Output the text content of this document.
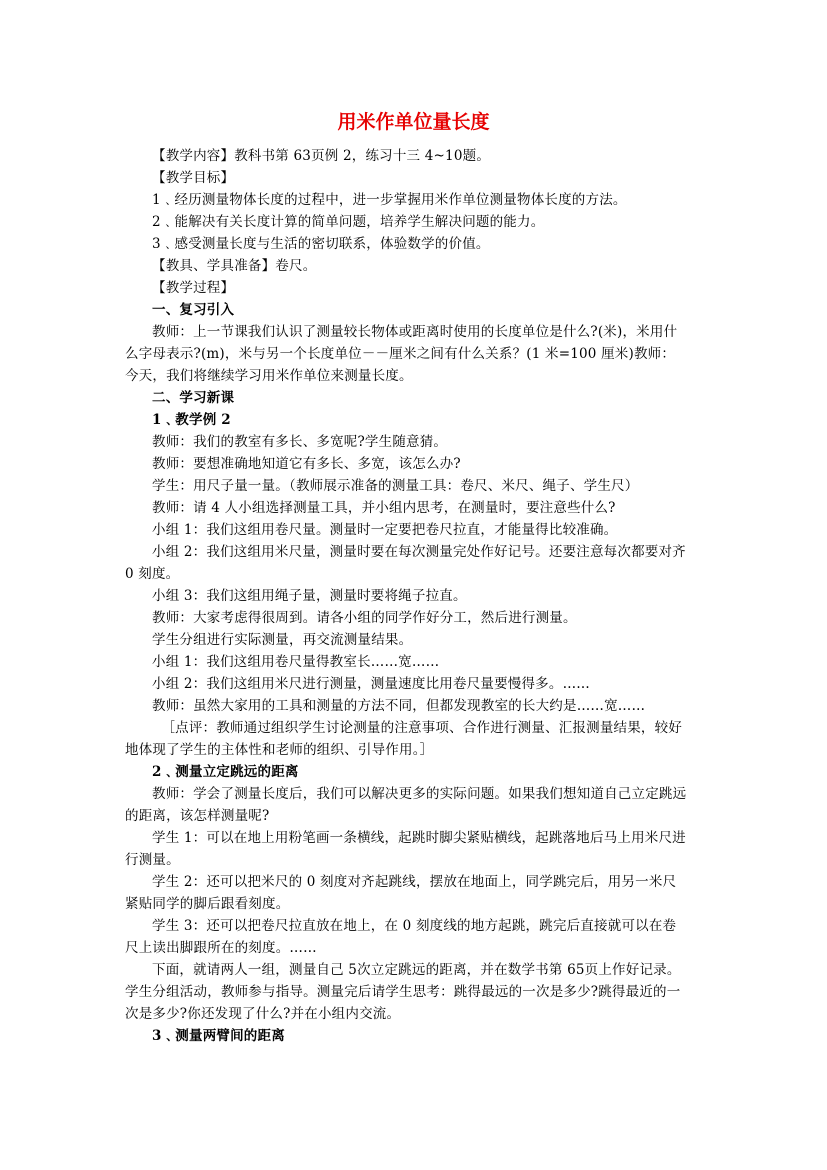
用米作单位量长度

【教学内容】教科书第 63页例 2，练习十三 4~10题。

【教学目标】

1﹑经历测量物体长度的过程中，进一步掌握用米作单位测量物体长度的方法。

2﹑能解决有关长度计算的简单问题，培养学生解决问题的能力。

3﹑感受测量长度与生活的密切联系，体验数学的价值。

【教具、学具准备】卷尺。

【教学过程】

一、复习引入

教师：上一节课我们认识了测量较长物体或距离时使用的长度单位是什么?(米)，米用什么字母表示?(m)，米与另一个长度单位－－厘米之间有什么关系？(1 米=100 厘米)教师：今天，我们将继续学习用米作单位来测量长度。

二、学习新课

1﹑教学例 2

教师：我们的教室有多长、多宽呢?学生随意猜。

教师：要想准确地知道它有多长、多宽，该怎么办?

学生：用尺子量一量。（教师展示准备的测量工具：卷尺、米尺、绳子、学生尺）

教师：请 4 人小组选择测量工具，并小组内思考，在测量时，要注意些什么?

小组 1：我们这组用卷尺量。测量时一定要把卷尺拉直，才能量得比较准确。

小组 2：我们这组用米尺量，测量时要在每次测量完处作好记号。还要注意每次都要对齐 0 刻度。

小组 3：我们这组用绳子量，测量时要将绳子拉直。

教师：大家考虑得很周到。请各小组的同学作好分工，然后进行测量。

学生分组进行实际测量，再交流测量结果。

小组 1：我们这组用卷尺量得教室长……宽……

小组 2：我们这组用米尺进行测量，测量速度比用卷尺量要慢得多。……

教师：虽然大家用的工具和测量的方法不同，但都发现教室的长大约是……宽……

［点评：教师通过组织学生讨论测量的注意事项、合作进行测量、汇报测量结果，较好地体现了学生的主体性和老师的组织、引导作用。］

2﹑测量立定跳远的距离

教师：学会了测量长度后，我们可以解决更多的实际问题。如果我们想知道自己立定跳远的距离，该怎样测量呢?

学生 1：可以在地上用粉笔画一条横线，起跳时脚尖紧贴横线，起跳落地后马上用米尺进行测量。

学生 2：还可以把米尺的 0 刻度对齐起跳线，摆放在地面上，同学跳完后，用另一米尺紧贴同学的脚后跟看刻度。

学生 3：还可以把卷尺拉直放在地上，在 0 刻度线的地方起跳，跳完后直接就可以在卷尺上读出脚跟所在的刻度。……

下面，就请两人一组，测量自己 5次立定跳远的距离，并在数学书第 65页上作好记录。学生分组活动，教师参与指导。测量完后请学生思考：跳得最远的一次是多少?跳得最近的一次是多少?你还发现了什么?并在小组内交流。

3﹑测量两臂间的距离
